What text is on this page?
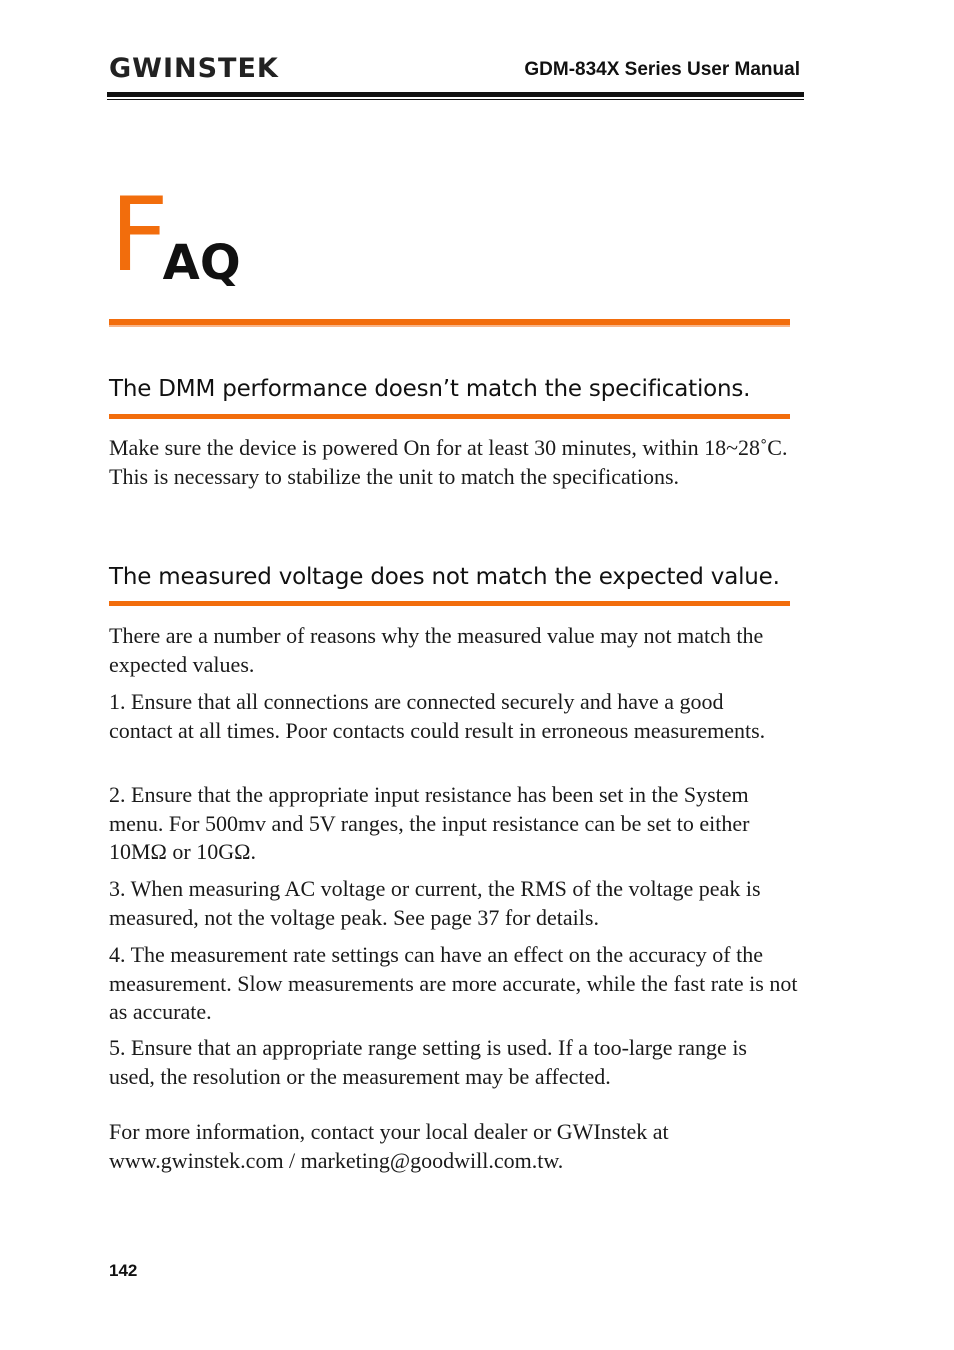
GWINSTEK	GDM-834X Series User Manual
FAQ
The DMM performance doesn’t match the specifications.
Make sure the device is powered On for at least 30 minutes, within 18~28˚C. This is necessary to stabilize the unit to match the specifications.
The measured voltage does not match the expected value.
There are a number of reasons why the measured value may not match the expected values.
1. Ensure that all connections are connected securely and have a good contact at all times. Poor contacts could result in erroneous measurements.
2. Ensure that the appropriate input resistance has been set in the System menu. For 500mv and 5V ranges, the input resistance can be set to either 10MΩ or 10GΩ.
3. When measuring AC voltage or current, the RMS of the voltage peak is measured, not the voltage peak. See page 37 for details.
4. The measurement rate settings can have an effect on the accuracy of the measurement. Slow measurements are more accurate, while the fast rate is not as accurate.
5. Ensure that an appropriate range setting is used. If a too-large range is used, the resolution or the measurement may be affected.
For more information, contact your local dealer or GWInstek at www.gwinstek.com / marketing@goodwill.com.tw.
142
